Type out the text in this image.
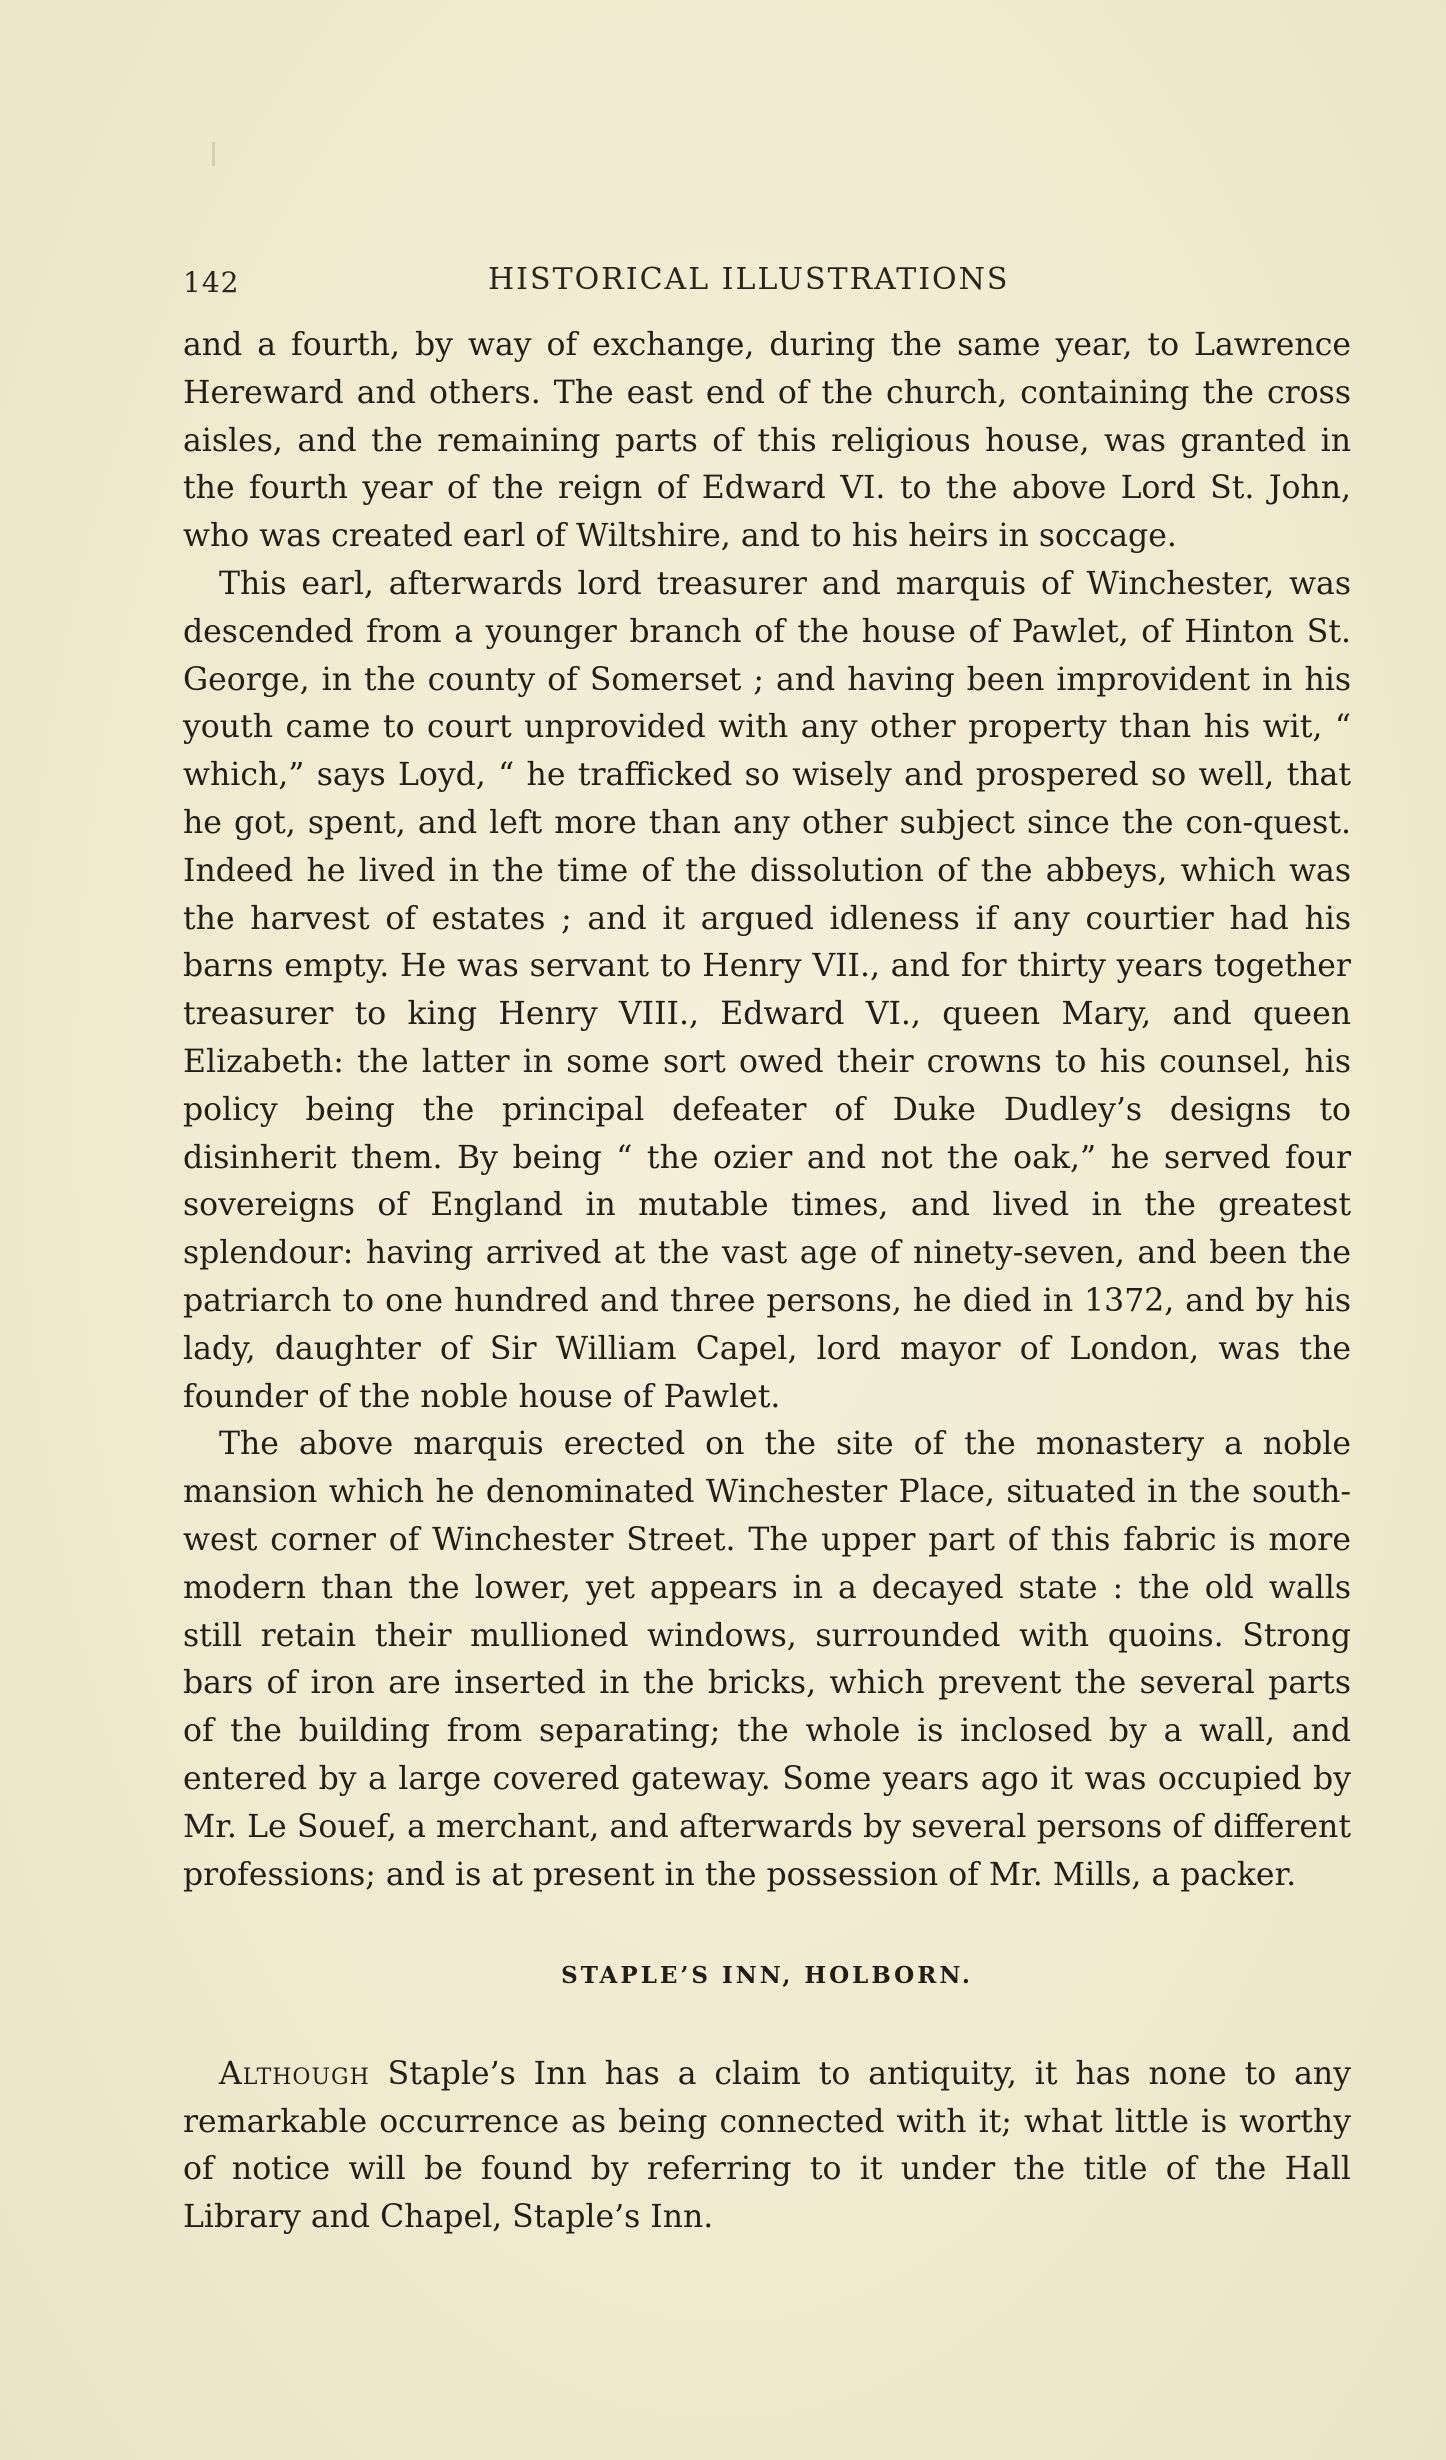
142	HISTORICAL ILLUSTRATIONS

and a fourth, by way of exchange, during the same year, to Lawrence Hereward and others. The east end of the church, containing the cross aisles, and the remaining parts of this religious house, was granted in the fourth year of the reign of Edward VI. to the above Lord St. John, who was created earl of Wiltshire, and to his heirs in soccage.

This earl, afterwards lord treasurer and marquis of Winchester, was descended from a younger branch of the house of Pawlet, of Hinton St. George, in the county of Somerset ; and having been improvident in his youth came to court unprovided with any other property than his wit, “ which,” says Loyd, “ he trafficked so wisely and prospered so well, that he got, spent, and left more than any other subject since the con-quest. Indeed he lived in the time of the dissolution of the abbeys, which was the harvest of estates ; and it argued idleness if any courtier had his barns empty. He was servant to Henry VII., and for thirty years together treasurer to king Henry VIII., Edward VI., queen Mary, and queen Elizabeth: the latter in some sort owed their crowns to his counsel, his policy being the principal defeater of Duke Dudley’s designs to disinherit them. By being “ the ozier and not the oak,” he served four sovereigns of England in mutable times, and lived in the greatest splendour: having arrived at the vast age of ninety-seven, and been the patriarch to one hundred and three persons, he died in 1372, and by his lady, daughter of Sir William Capel, lord mayor of London, was the founder of the noble house of Pawlet.

The above marquis erected on the site of the monastery a noble mansion which he denominated Winchester Place, situated in the south-west corner of Winchester Street. The upper part of this fabric is more modern than the lower, yet appears in a decayed state : the old walls still retain their mullioned windows, surrounded with quoins. Strong bars of iron are inserted in the bricks, which prevent the several parts of the building from separating; the whole is inclosed by a wall, and entered by a large covered gateway. Some years ago it was occupied by Mr. Le Souef, a merchant, and afterwards by several persons of different professions; and is at present in the possession of Mr. Mills, a packer.

STAPLE’S INN, HOLBORN.

Although Staple’s Inn has a claim to antiquity, it has none to any remarkable occurrence as being connected with it; what little is worthy of notice will be found by referring to it under the title of the Hall Library and Chapel, Staple’s Inn.
